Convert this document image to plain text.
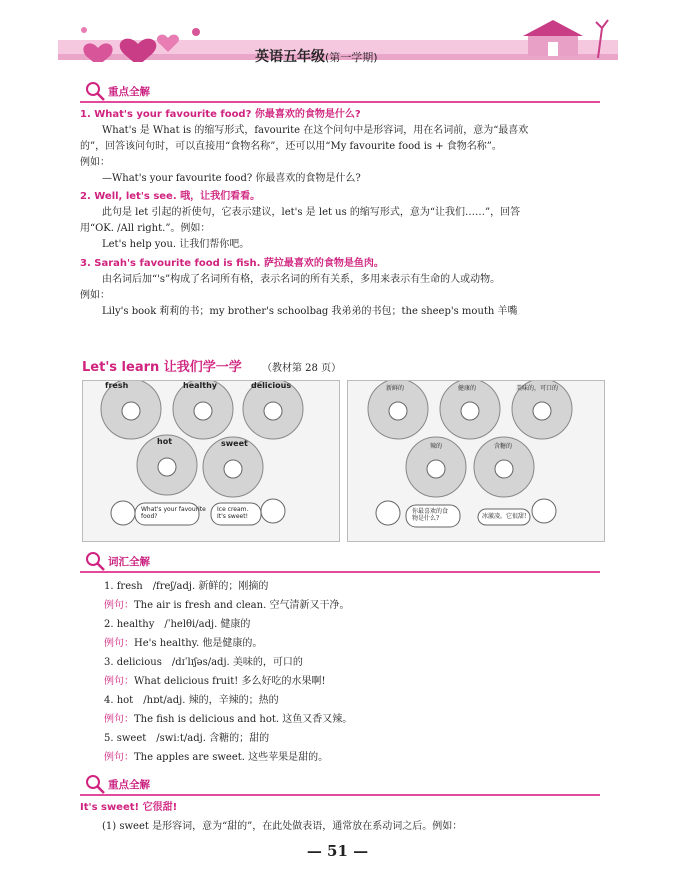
英语五年级(第一学期)
重点全解
1. What's your favourite food? 你最喜欢的食物是什么?
What's 是 What is 的缩写形式，favourite 在这个问句中是形容词，用在名词前，意为“最喜欢
的”，回答该问句时，可以直接用“食物名称”，还可以用“My favourite food is + 食物名称”。
例如：
—What's your favourite food? 你最喜欢的食物是什么?
2. Well, let's see. 哦，让我们看看。
此句是 let 引起的祈使句，它表示建议，let's 是 let us 的缩写形式，意为“让我们……”，回答
用“OK. /All right.”。例如：
Let's help you. 让我们帮你吧。
3. Sarah's favourite food is fish. 萨拉最喜欢的食物是鱼肉。
由名词后加“'s”构成了名词所有格，表示名词的所有关系，多用来表示有生命的人或动物。
例如：
Lily's book 莉莉的书；my brother's schoolbag 我弟弟的书包；the sheep's mouth 羊嘴
Let's learn 让我们学一学 （教材第 28 页）
fresh	healthy	delicious
hot	sweet
What's your favourite
food?
Ice cream.
It's sweet!
新鲜的	健康的	美味的，可口的
辣的	含糖的
你最喜欢的食
物是什么?	冰激凌。它很甜!
词汇全解
1. fresh　/freʃ/adj. 新鲜的；刚摘的
例句：The air is fresh and clean. 空气清新又干净。
2. healthy　/ˈhelθi/adj. 健康的
例句：He's healthy. 他是健康的。
3. delicious　/dɪˈlɪʃəs/adj. 美味的，可口的
例句：What delicious fruit! 多么好吃的水果啊!
4. hot　/hɒt/adj. 辣的，辛辣的；热的
例句：The fish is delicious and hot. 这鱼又香又辣。
5. sweet　/swiːt/adj. 含糖的；甜的
例句：The apples are sweet. 这些苹果是甜的。
重点全解
It's sweet! 它很甜!
(1) sweet 是形容词，意为“甜的”，在此处做表语，通常放在系动词之后。例如：
— 51 —
